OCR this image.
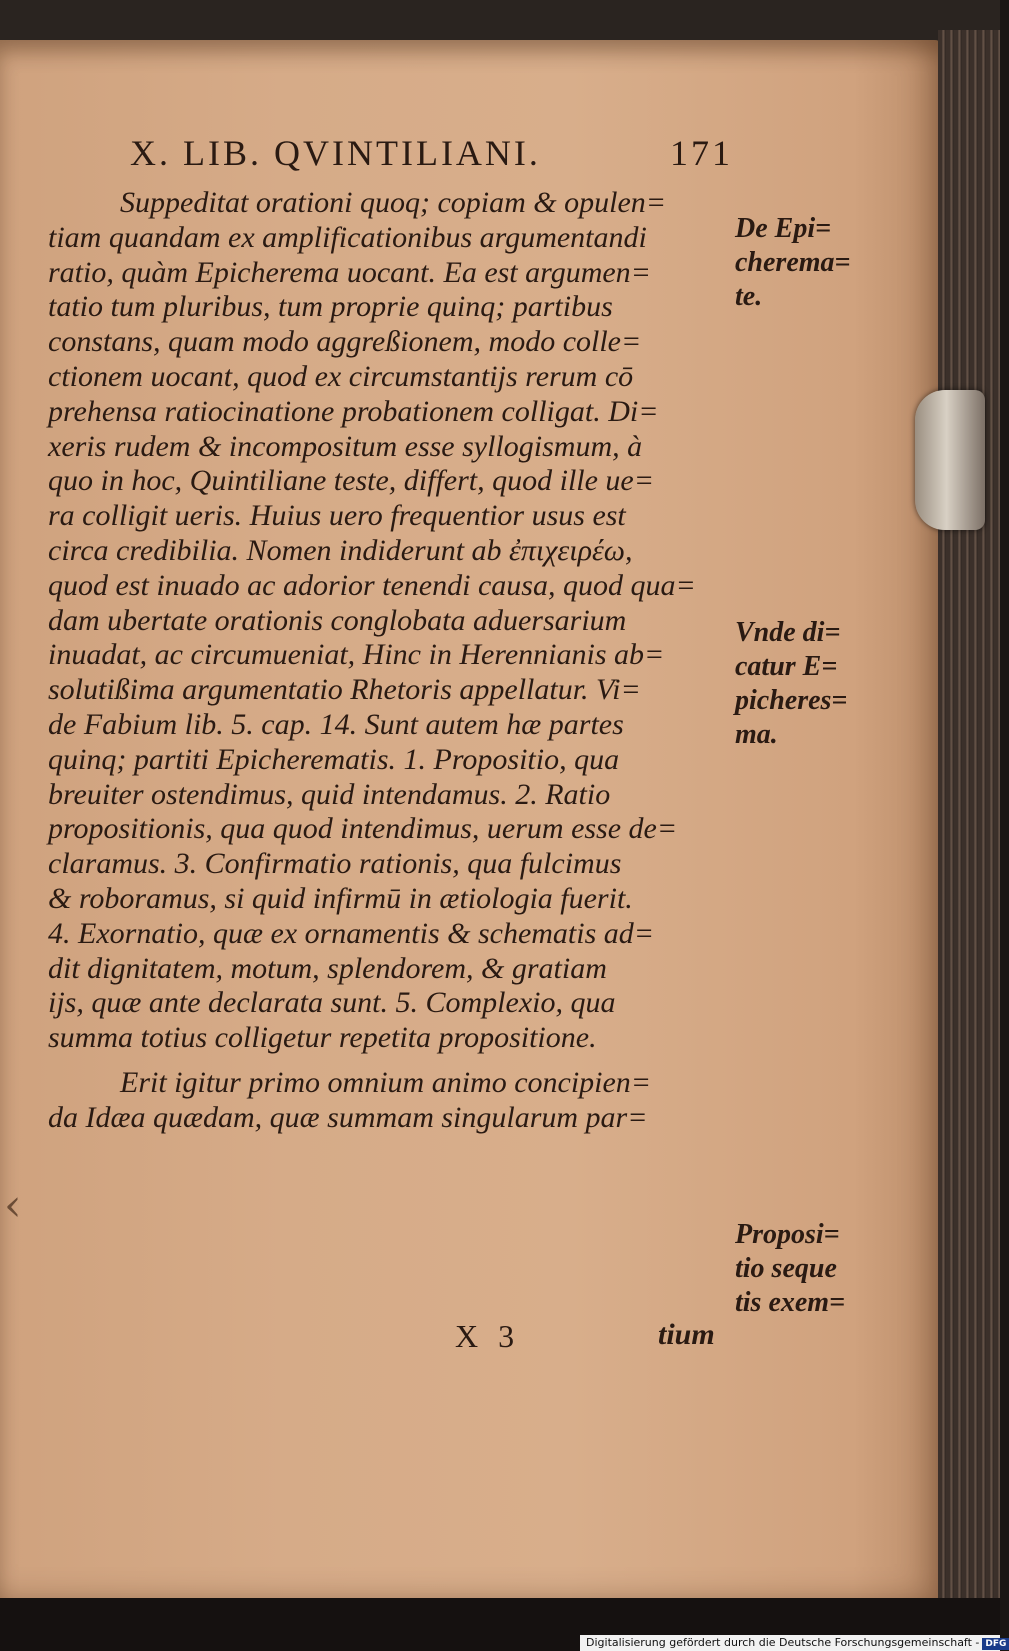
‹
X. LIB. QVINTILIANI.	171
Suppeditat orationi quoq; copiam & opulen=
tiam quandam ex amplificationibus argumentandi
ratio, quàm Epicherema uocant. Ea est argumen=
tatio tum pluribus, tum proprie quinq; partibus
constans, quam modo aggreßionem, modo colle=
ctionem uocant, quod ex circumstantijs rerum cō
prehensa ratiocinatione probationem colligat. Di=
xeris rudem & incompositum esse syllogismum, à
quo in hoc, Quintiliane teste, differt, quod ille ue=
ra colligit ueris. Huius uero frequentior usus est
circa credibilia. Nomen indiderunt ab ἐπιχειρέω,
quod est inuado ac adorior tenendi causa, quod qua=
dam ubertate orationis conglobata aduersarium
inuadat, ac circumueniat, Hinc in Herennianis ab=
solutißima argumentatio Rhetoris appellatur. Vi=
de Fabium lib. 5. cap. 14. Sunt autem hæ partes
quinq; partiti Epicherematis. 1. Propositio, qua
breuiter ostendimus, quid intendamus. 2. Ratio
propositionis, qua quod intendimus, uerum esse de=
claramus. 3. Confirmatio rationis, qua fulcimus
& roboramus, si quid infirmū in ætiologia fuerit.
4. Exornatio, quæ ex ornamentis & schematis ad=
dit dignitatem, motum, splendorem, & gratiam
ijs, quæ ante declarata sunt. 5. Complexio, qua
summa totius colligetur repetita propositione.
Erit igitur primo omnium animo concipien=
da Idæa quædam, quæ summam singularum par=
De Epi=
cherema=
te.
Vnde di=
catur E=
picheres=
ma.
Proposi=
tio seque
tis exem=
X 3	tium
Digitalisierung gefördert durch die Deutsche Forschungsgemeinschaft - DFG
